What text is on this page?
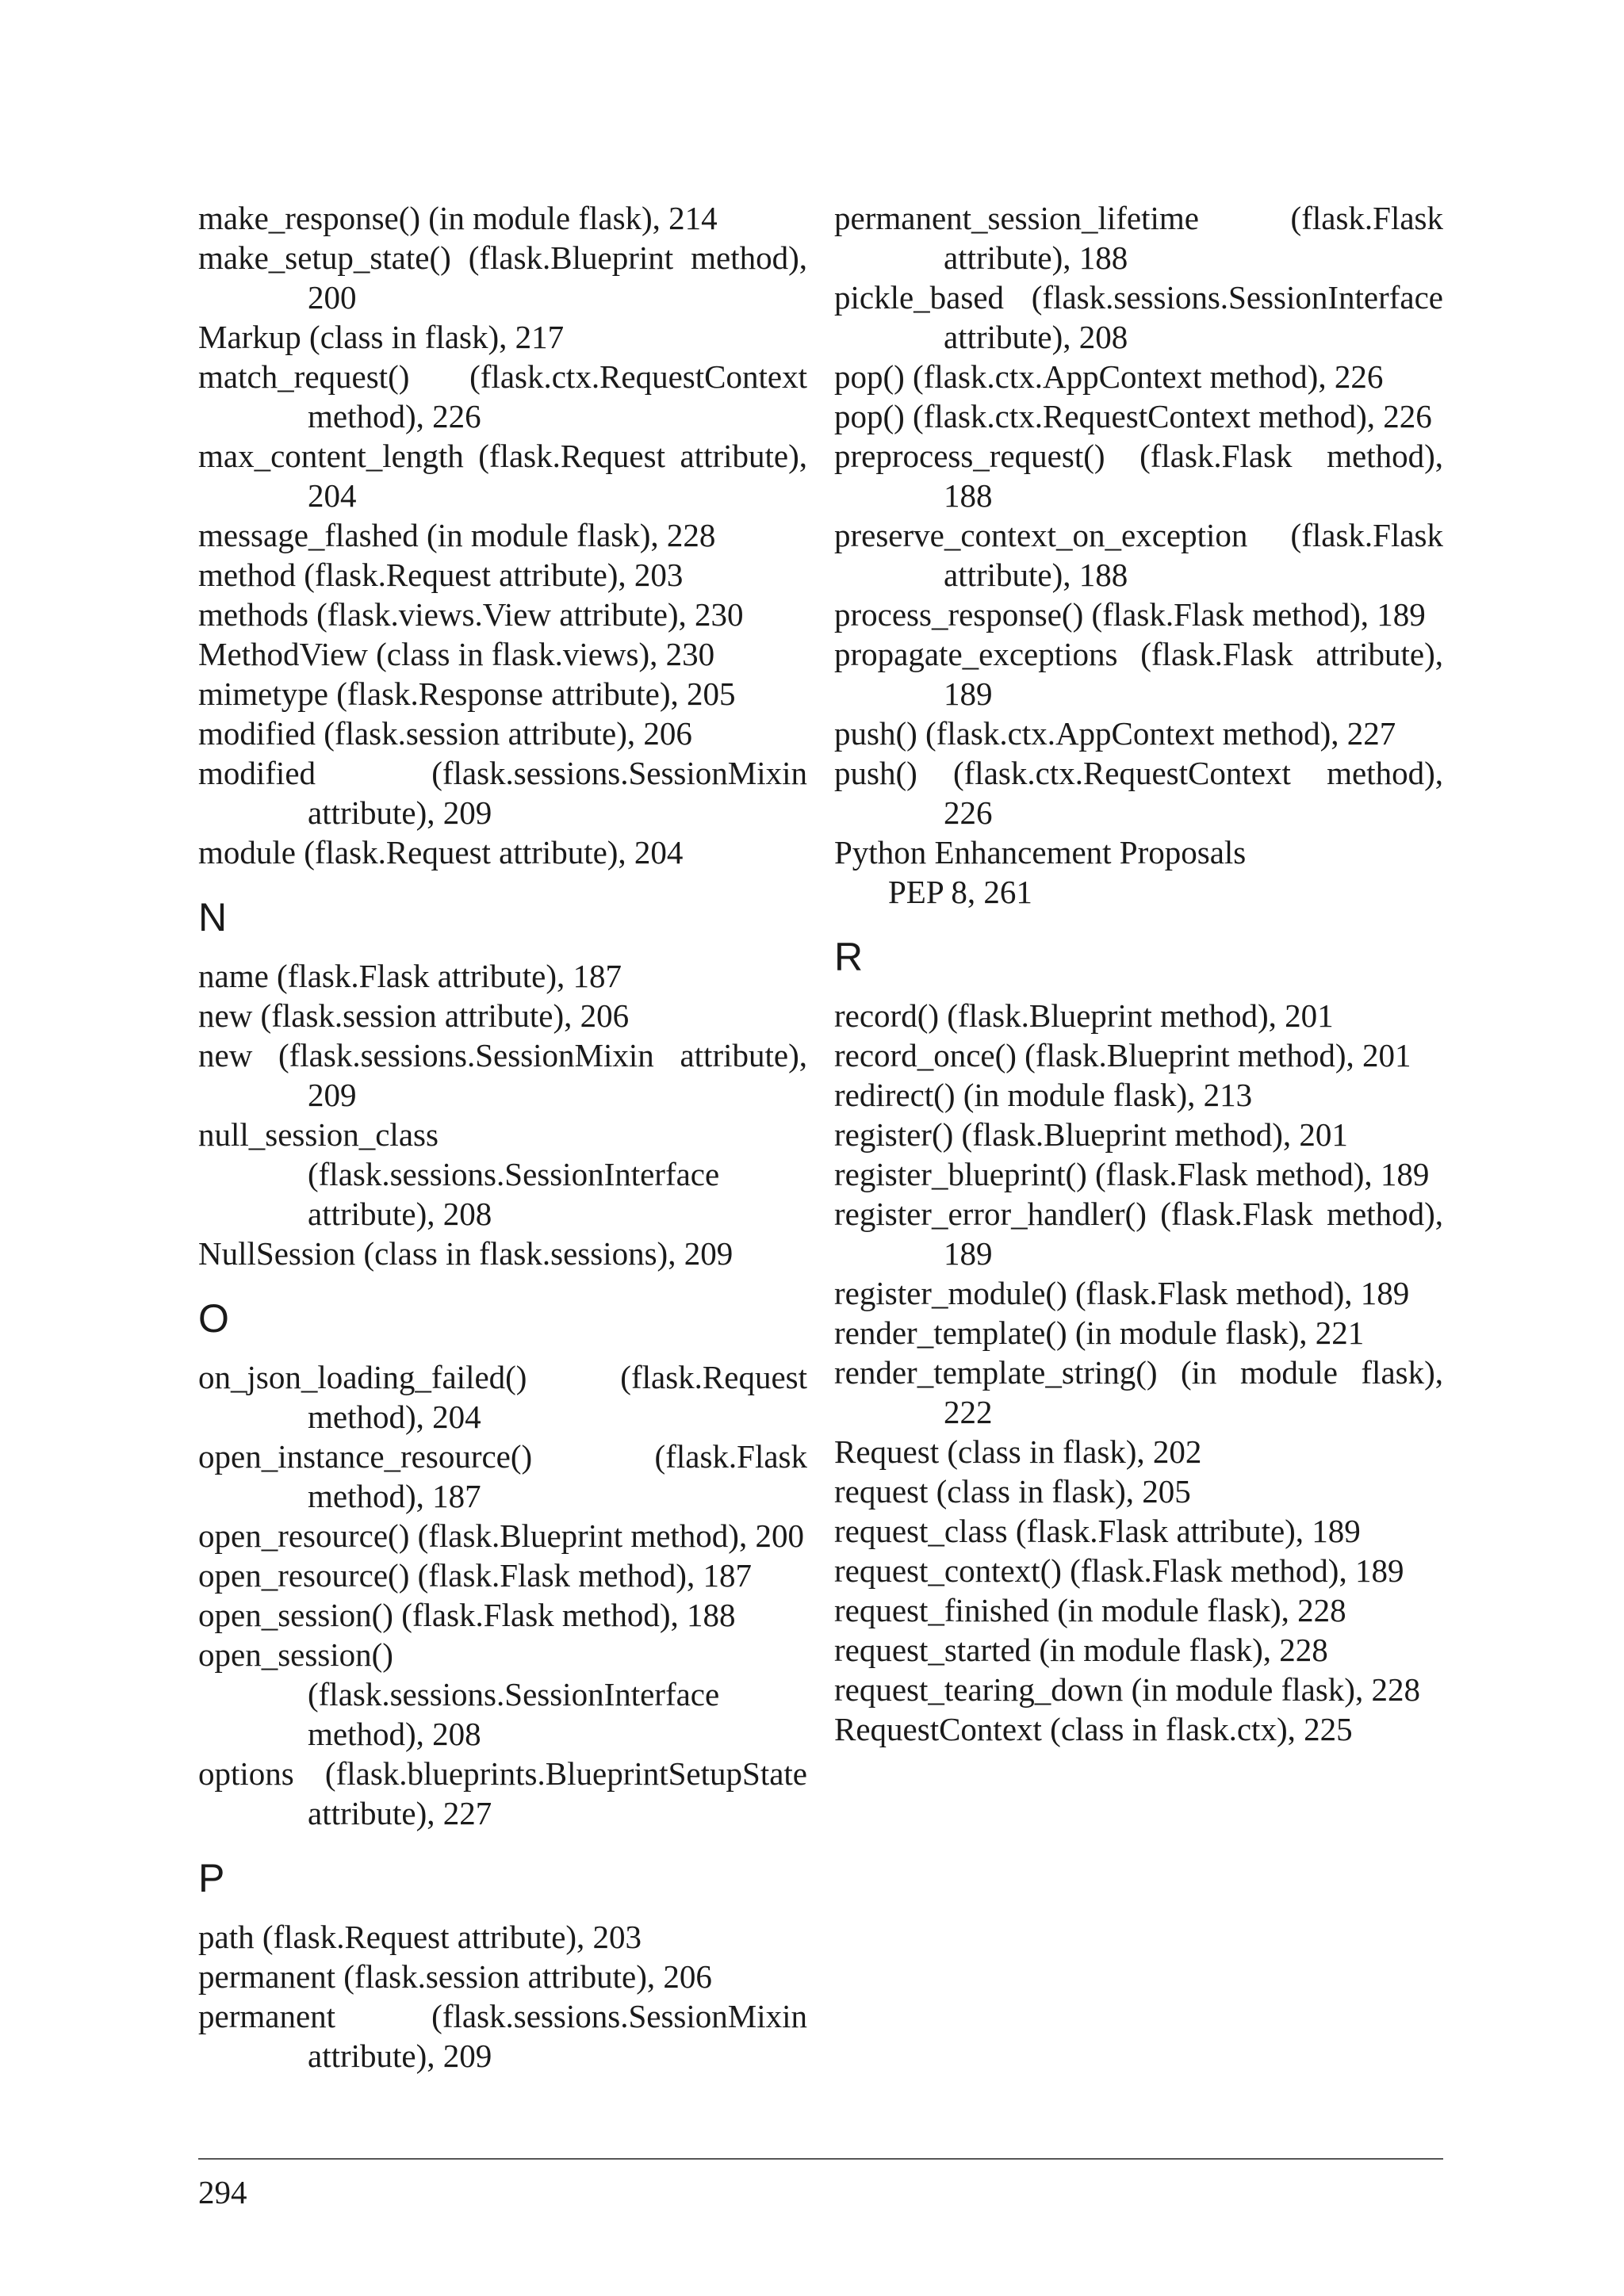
make_response() (in module flask), 214
make_setup_state() (flask.Blueprint method), 200
Markup (class in flask), 217
match_request() (flask.ctx.RequestContext method), 226
max_content_length (flask.Request attribute), 204
message_flashed (in module flask), 228
method (flask.Request attribute), 203
methods (flask.views.View attribute), 230
MethodView (class in flask.views), 230
mimetype (flask.Response attribute), 205
modified (flask.session attribute), 206
modified (flask.sessions.SessionMixin attribute), 209
module (flask.Request attribute), 204
N
name (flask.Flask attribute), 187
new (flask.session attribute), 206
new (flask.sessions.SessionMixin attribute), 209
null_session_class (flask.sessions.SessionInterface attribute), 208
NullSession (class in flask.sessions), 209
O
on_json_loading_failed() (flask.Request method), 204
open_instance_resource() (flask.Flask method), 187
open_resource() (flask.Blueprint method), 200
open_resource() (flask.Flask method), 187
open_session() (flask.Flask method), 188
open_session() (flask.sessions.SessionInterface method), 208
options (flask.blueprints.BlueprintSetupState attribute), 227
P
path (flask.Request attribute), 203
permanent (flask.session attribute), 206
permanent (flask.sessions.SessionMixin attribute), 209
permanent_session_lifetime (flask.Flask attribute), 188
pickle_based (flask.sessions.SessionInterface attribute), 208
pop() (flask.ctx.AppContext method), 226
pop() (flask.ctx.RequestContext method), 226
preprocess_request() (flask.Flask method), 188
preserve_context_on_exception (flask.Flask attribute), 188
process_response() (flask.Flask method), 189
propagate_exceptions (flask.Flask attribute), 189
push() (flask.ctx.AppContext method), 227
push() (flask.ctx.RequestContext method), 226
Python Enhancement Proposals
PEP 8, 261
R
record() (flask.Blueprint method), 201
record_once() (flask.Blueprint method), 201
redirect() (in module flask), 213
register() (flask.Blueprint method), 201
register_blueprint() (flask.Flask method), 189
register_error_handler() (flask.Flask method), 189
register_module() (flask.Flask method), 189
render_template() (in module flask), 221
render_template_string() (in module flask), 222
Request (class in flask), 202
request (class in flask), 205
request_class (flask.Flask attribute), 189
request_context() (flask.Flask method), 189
request_finished (in module flask), 228
request_started (in module flask), 228
request_tearing_down (in module flask), 228
RequestContext (class in flask.ctx), 225
294
